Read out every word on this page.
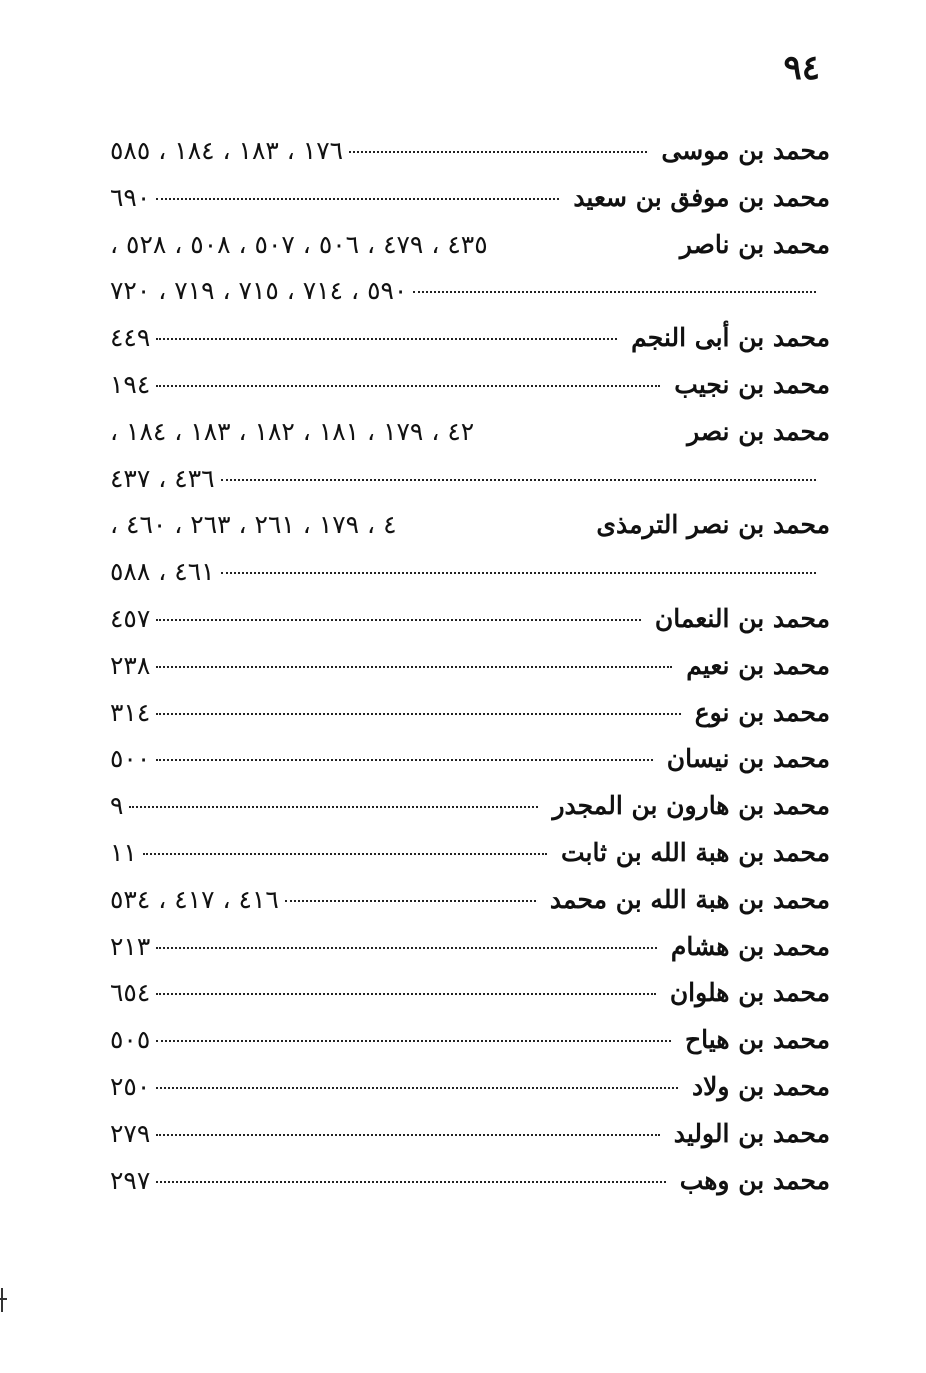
٩٤
محمد بن موسى
١٧٦ ، ١٨٣ ، ١٨٤ ، ٥٨٥
محمد بن موفق بن سعيد
٦٩٠
محمد بن ناصر
٤٣٥ ، ٤٧٩ ، ٥٠٦ ، ٥٠٧ ، ٥٠٨ ، ٥٢٨ ،
٥٩٠ ، ٧١٤ ، ٧١٥ ، ٧١٩ ، ٧٢٠
محمد بن أبى النجم
٤٤٩
محمد بن نجيب
١٩٤
محمد بن نصر
٤٢ ، ١٧٩ ، ١٨١ ، ١٨٢ ، ١٨٣ ، ١٨٤ ،
٤٣٦ ، ٤٣٧
محمد بن نصر الترمذى
٤ ، ١٧٩ ، ٢٦١ ، ٢٦٣ ، ٤٦٠ ،
٤٦١ ، ٥٨٨
محمد بن النعمان
٤٥٧
محمد بن نعيم
٢٣٨
محمد بن نوع
٣١٤
محمد بن نيسان
٥٠٠
محمد بن هارون بن المجدر
٩
محمد بن هبة الله بن ثابت
١١
محمد بن هبة الله بن محمد
٤١٦ ، ٤١٧ ، ٥٣٤
محمد بن هشام
٢١٣
محمد بن هلوان
٦٥٤
محمد بن هياح
٥٠٥
محمد بن ولاد
٢٥٠
محمد بن الوليد
٢٧٩
محمد بن وهب
٢٩٧
